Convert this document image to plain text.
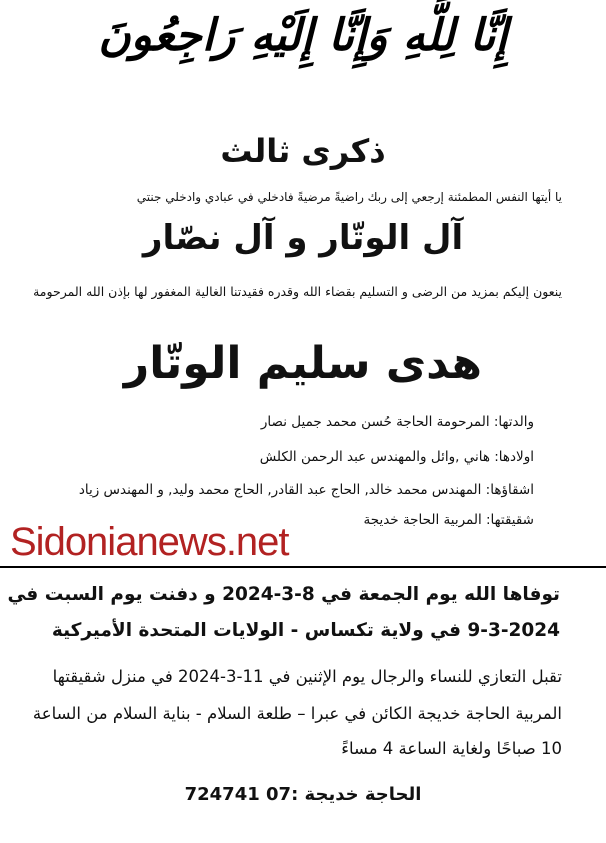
إِنَّا لِلَّهِ وَإِنَّا إِلَيْهِ رَاجِعُونَ
ذكرى ثالث
يا أيتها النفس المطمئنة إرجعي إلى ربك راضيةً مرضيةً فادخلي في عبادي وادخلي جنتي
آل الوتّار و آل نصّار
ينعون إليكم بمزيد من الرضى و التسليم بقضاء الله وقدره فقيدتنا الغالية المغفور لها بإذن الله المرحومة
هدى سليم الوتّار
والدتها: المرحومة الحاجة حُسن محمد جميل نصار
اولادها: هاني ,وائل والمهندس عبد الرحمن الكلش
اشقاؤها: المهندس محمد خالد, الحاج عبد القادر, الحاج محمد وليد, و المهندس زياد
شقيقتها: المربية الحاجة خديجة
Sidonianews.net
توفاها الله يوم الجمعة في 8-3-2024 و دفنت يوم السبت في
9-3-2024 في ولاية تكساس - الولايات المتحدة الأميركية
تقبل التعازي للنساء والرجال يوم الإثنين في 11-3-2024 في منزل شقيقتها
المربية الحاجة خديجة الكائن في عبرا – طلعة السلام - بناية السلام من الساعة
10 صباحًا ولغاية الساعة 4 مساءً
الحاجة خديجة :07 724741
